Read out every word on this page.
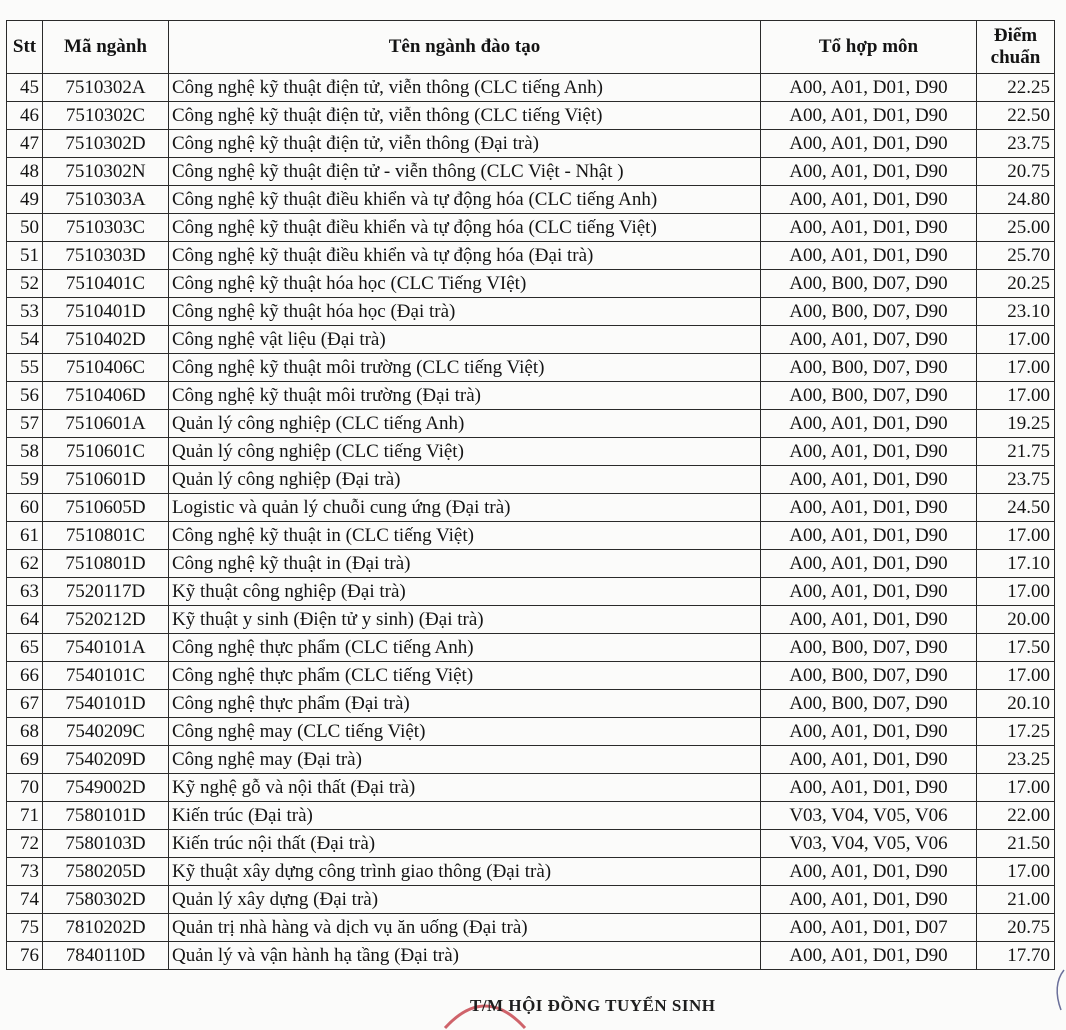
Stt	Mã ngành	Tên ngành đào tạo	Tổ hợp môn	Điểm
chuẩn

45	7510302A	Công nghệ kỹ thuật điện tử, viễn thông (CLC tiếng Anh)	A00, A01, D01, D90	22.25
46	7510302C	Công nghệ kỹ thuật điện tử, viễn thông (CLC tiếng Việt)	A00, A01, D01, D90	22.50
47	7510302D	Công nghệ kỹ thuật điện tử, viễn thông (Đại trà)	A00, A01, D01, D90	23.75
48	7510302N	Công nghệ kỹ thuật điện tử - viễn thông (CLC Việt - Nhật )	A00, A01, D01, D90	20.75
49	7510303A	Công nghệ kỹ thuật điều khiển và tự động hóa (CLC tiếng Anh)	A00, A01, D01, D90	24.80
50	7510303C	Công nghệ kỹ thuật điều khiển và tự động hóa (CLC tiếng Việt)	A00, A01, D01, D90	25.00
51	7510303D	Công nghệ kỹ thuật điều khiển và tự động hóa (Đại trà)	A00, A01, D01, D90	25.70
52	7510401C	Công nghệ kỹ thuật hóa học (CLC Tiếng VIệt)	A00, B00, D07, D90	20.25
53	7510401D	Công nghệ kỹ thuật hóa học (Đại trà)	A00, B00, D07, D90	23.10
54	7510402D	Công nghệ vật liệu (Đại trà)	A00, A01, D07, D90	17.00
55	7510406C	Công nghệ kỹ thuật môi trường (CLC tiếng Việt)	A00, B00, D07, D90	17.00
56	7510406D	Công nghệ kỹ thuật môi trường (Đại trà)	A00, B00, D07, D90	17.00
57	7510601A	Quản lý công nghiệp (CLC tiếng Anh)	A00, A01, D01, D90	19.25
58	7510601C	Quản lý công nghiệp (CLC tiếng Việt)	A00, A01, D01, D90	21.75
59	7510601D	Quản lý công nghiệp (Đại trà)	A00, A01, D01, D90	23.75
60	7510605D	Logistic và quản lý chuỗi cung ứng (Đại trà)	A00, A01, D01, D90	24.50
61	7510801C	Công nghệ kỹ thuật in (CLC tiếng Việt)	A00, A01, D01, D90	17.00
62	7510801D	Công nghệ kỹ thuật in (Đại trà)	A00, A01, D01, D90	17.10
63	7520117D	Kỹ thuật công nghiệp (Đại trà)	A00, A01, D01, D90	17.00
64	7520212D	Kỹ thuật y sinh (Điện tử y sinh) (Đại trà)	A00, A01, D01, D90	20.00
65	7540101A	Công nghệ thực phẩm (CLC tiếng Anh)	A00, B00, D07, D90	17.50
66	7540101C	Công nghệ thực phẩm (CLC tiếng Việt)	A00, B00, D07, D90	17.00
67	7540101D	Công nghệ thực phẩm (Đại trà)	A00, B00, D07, D90	20.10
68	7540209C	Công nghệ may (CLC tiếng Việt)	A00, A01, D01, D90	17.25
69	7540209D	Công nghệ may (Đại trà)	A00, A01, D01, D90	23.25
70	7549002D	Kỹ nghệ gỗ và nội thất (Đại trà)	A00, A01, D01, D90	17.00
71	7580101D	Kiến trúc (Đại trà)	V03, V04, V05, V06	22.00
72	7580103D	Kiến trúc nội thất (Đại trà)	V03, V04, V05, V06	21.50
73	7580205D	Kỹ thuật xây dựng công trình giao thông (Đại trà)	A00, A01, D01, D90	17.00
74	7580302D	Quản lý xây dựng (Đại trà)	A00, A01, D01, D90	21.00
75	7810202D	Quản trị nhà hàng và dịch vụ ăn uống (Đại trà)	A00, A01, D01, D07	20.75
76	7840110D	Quản lý và vận hành hạ tầng (Đại trà)	A00, A01, D01, D90	17.70
T/M HỘI ĐỒNG TUYỂN SINH
